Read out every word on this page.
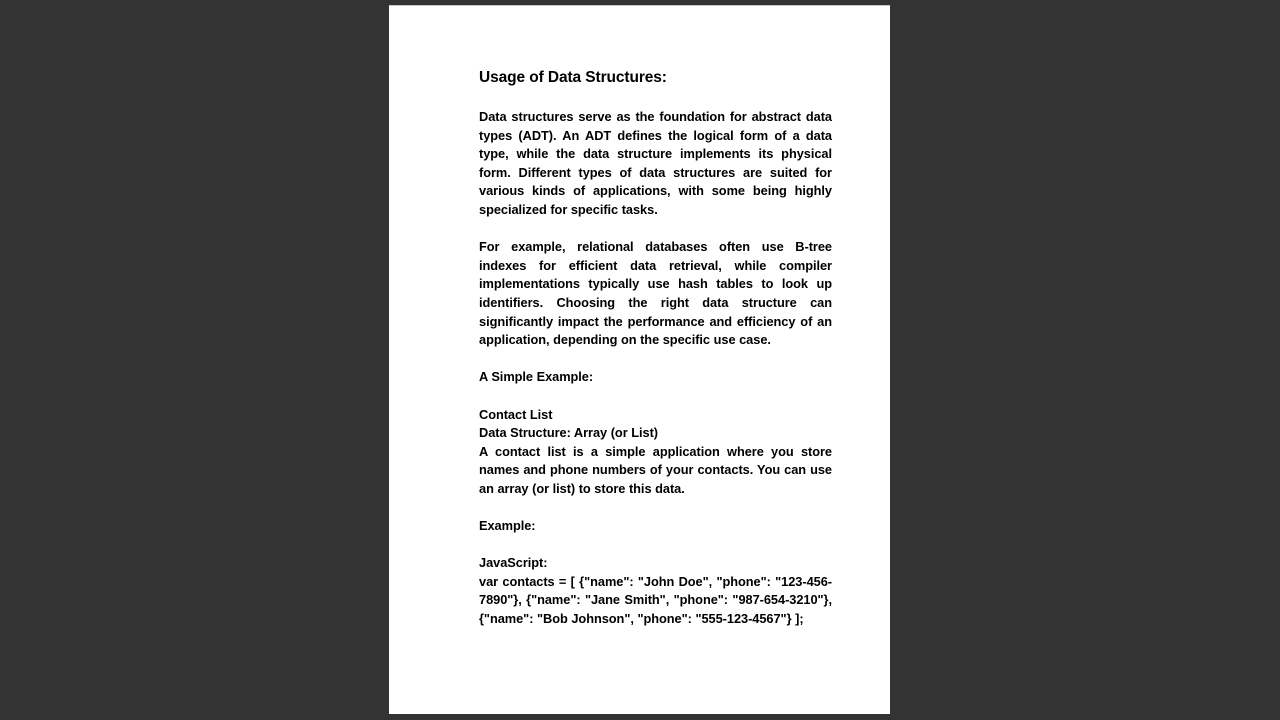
Usage of Data Structures:
Data structures serve as the foundation for abstract data types (ADT). An ADT defines the logical form of a data type, while the data structure implements its physical form. Different types of data structures are suited for various kinds of applications, with some being highly specialized for specific tasks.
For example, relational databases often use B-tree indexes for efficient data retrieval, while compiler implementations typically use hash tables to look up identifiers. Choosing the right data structure can significantly impact the performance and efficiency of an application, depending on the specific use case.
A Simple Example:
Contact List
Data Structure: Array (or List)
A contact list is a simple application where you store names and phone numbers of your contacts. You can use an array (or list) to store this data.
Example:
JavaScript:
var contacts = [ {"name": "John Doe", "phone": "123-456-7890"}, {"name": "Jane Smith", "phone": "987-654-3210"}, {"name": "Bob Johnson", "phone": "555-123-4567"} ];
